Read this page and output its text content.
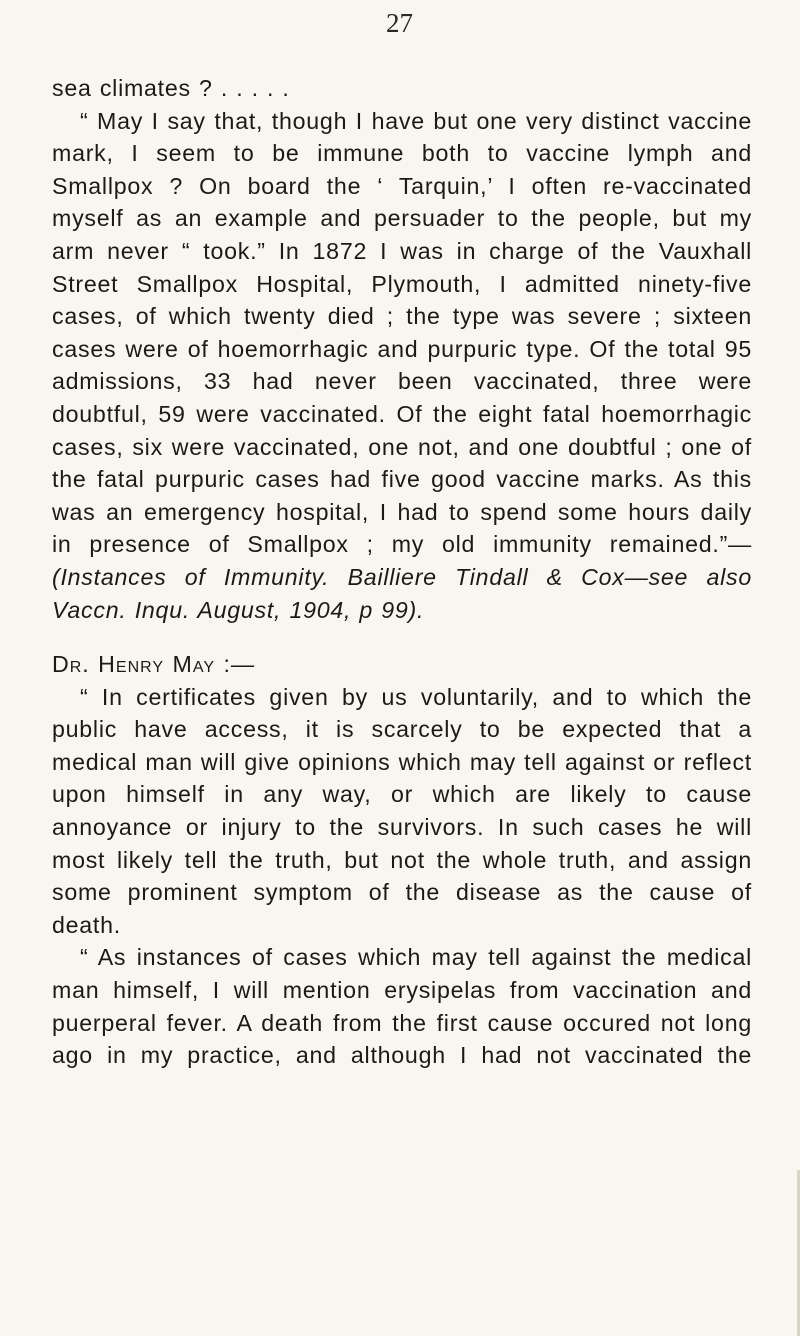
27

sea climates ? . . . . .

“ May I say that, though I have but one very distinct vaccine mark, I seem to be immune both to vaccine lymph and Smallpox ? On board the ‘ Tarquin,’ I often re-vaccinated myself as an example and persuader to the people, but my arm never “ took.” In 1872 I was in charge of the Vauxhall Street Smallpox Hospital, Plymouth, I admitted ninety-five cases, of which twenty died ; the type was severe ; sixteen cases were of hoemorrhagic and purpuric type. Of the total 95 admissions, 33 had never been vaccinated, three were doubtful, 59 were vaccinated. Of the eight fatal hoemorrhagic cases, six were vaccinated, one not, and one doubtful ; one of the fatal purpuric cases had five good vaccine marks. As this was an emergency hospital, I had to spend some hours daily in presence of Smallpox ; my old immunity remained.”—(Instances of Immunity. Bailliere Tindall & Cox—see also Vaccn. Inqu. August, 1904, p 99).

Dr. Henry May :—

“ In certificates given by us voluntarily, and to which the public have access, it is scarcely to be expected that a medical man will give opinions which may tell against or reflect upon himself in any way, or which are likely to cause annoyance or injury to the survivors. In such cases he will most likely tell the truth, but not the whole truth, and assign some prominent symptom of the disease as the cause of death.

“ As instances of cases which may tell against the medical man himself, I will mention erysipelas from vaccination and puerperal fever. A death from the first cause occured not long ago in my practice, and although I had not vaccinated the
